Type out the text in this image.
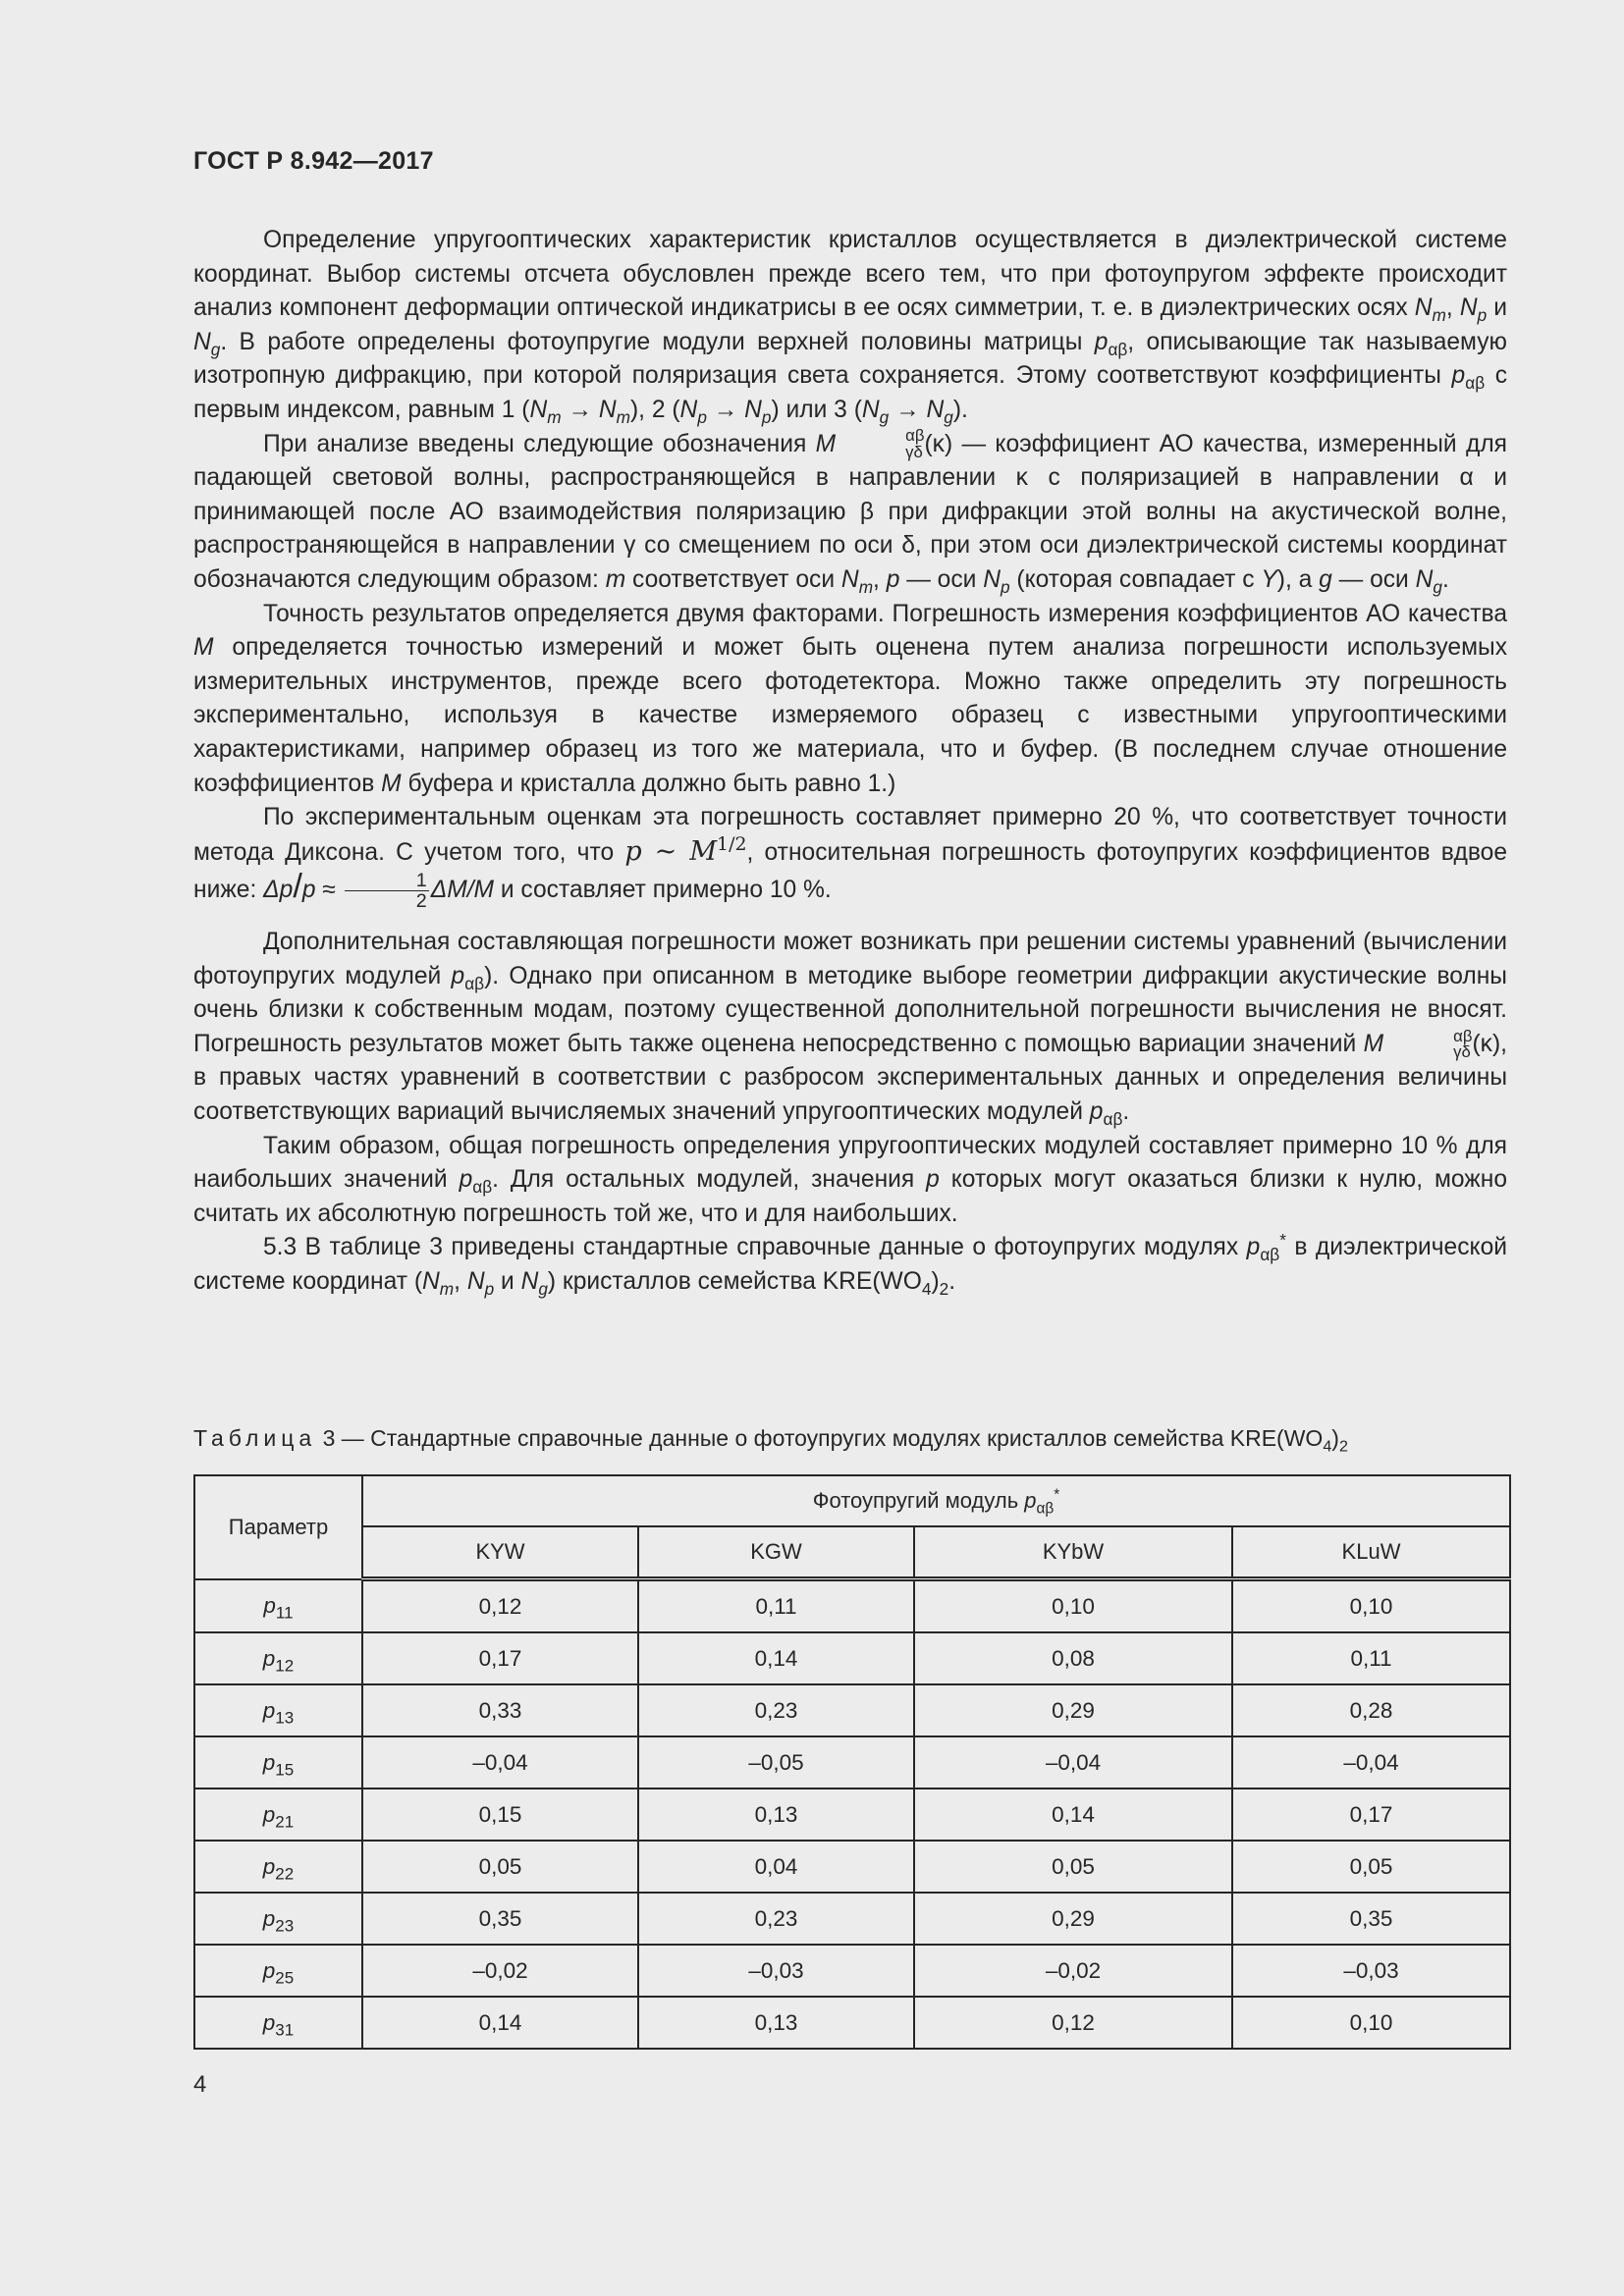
ГОСТ Р 8.942—2017

Определение упругооптических характеристик кристаллов осуществляется в диэлектрической системе координат. Выбор системы отсчета обусловлен прежде всего тем, что при фотоупругом эффекте происходит анализ компонент деформации оптической индикатрисы в ее осях симметрии, т. е. в диэлектрических осях $N_m$, $N_p$ и $N_g$. В работе определены фотоупругие модули верхней половины матрицы $p_{\alpha\beta}$, описывающие так называемую изотропную дифракцию, при которой поляризация света сохраняется. Этому соответствуют коэффициенты $p_{\alpha\beta}$ с первым индексом, равным 1 $(N_m \to N_m)$, 2 $(N_p \to N_p)$ или 3 $(N_g \to N_g)$.

При анализе введены следующие обозначения M	αβ
γδ (κ) — коэффициент АО качества, измеренный для падающей световой волны, распространяющейся в направлении κ с поляризацией в направлении α и принимающей после АО взаимодействия поляризацию β при дифракции этой волны на акустической волне, распространяющейся в направлении γ со смещением по оси δ, при этом оси диэлектрической системы координат обозначаются следующим образом: m соответствует оси $N_m$, p — оси $N_p$ (которая совпадает с Y), а g — оси $N_g$.

Точность результатов определяется двумя факторами. Погрешность измерения коэффициентов АО качества M определяется точностью измерений и может быть оценена путем анализа погрешности используемых измерительных инструментов, прежде всего фотодетектора. Можно также определить эту погрешность экспериментально, используя в качестве измеряемого образец с известными упругооптическими характеристиками, например образец из того же материала, что и буфер. (В последнем случае отношение коэффициентов M буфера и кристалла должно быть равно 1.)

По экспериментальным оценкам эта погрешность составляет примерно 20 %, что соответствует точности метода Диксона. С учетом того, что p ~ $M^{1/2}$, относительная погрешность фотоупругих коэффициентов вдвое ниже: $\Delta p/p \approx \frac{1}{2} \Delta M/M$ и составляет примерно 10 %.

Дополнительная составляющая погрешности может возникать при решении системы уравнений (вычислении фотоупругих модулей $p_{\alpha\beta}$). Однако при описанном в методике выборе геометрии дифракции акустические волны очень близки к собственным модам, поэтому существенной дополнительной погрешности вычисления не вносят. Погрешность результатов может быть также оценена непосредственно с помощью вариации значений M	αβ
γδ (κ), в правых частях уравнений в соответствии с разбросом экспериментальных данных и определения величины соответствующих вариаций вычисляемых значений упругооптических модулей $p_{\alpha\beta}$.

Таким образом, общая погрешность определения упругооптических модулей составляет примерно 10 % для наибольших значений $p_{\alpha\beta}$. Для остальных модулей, значения p которых могут оказаться близки к нулю, можно считать их абсолютную погрешность той же, что и для наибольших.

5.3 В таблице 3 приведены стандартные справочные данные о фотоупругих модулях $p_{\alpha\beta}^*$ в диэлектрической системе координат ($N_m$, $N_p$ и $N_g$) кристаллов семейства $KRE(WO_4)_2$.

Таблица 3 — Стандартные справочные данные о фотоупругих модулях кристаллов семейства $KRE(WO_4)_2$
Параметр	Фотоупругий модуль $p_{\alpha\beta}^*$
	KYW	KGW	KYbW	KLuW
$p_{11}$	0,12	0,11	0,10	0,10
$p_{12}$	0,17	0,14	0,08	0,11
$p_{13}$	0,33	0,23	0,29	0,28
$p_{15}$	–0,04	–0,05	–0,04	–0,04
$p_{21}$	0,15	0,13	0,14	0,17
$p_{22}$	0,05	0,04	0,05	0,05
$p_{23}$	0,35	0,23	0,29	0,35
$p_{25}$	–0,02	–0,03	–0,02	–0,03
$p_{31}$	0,14	0,13	0,12	0,10
4
